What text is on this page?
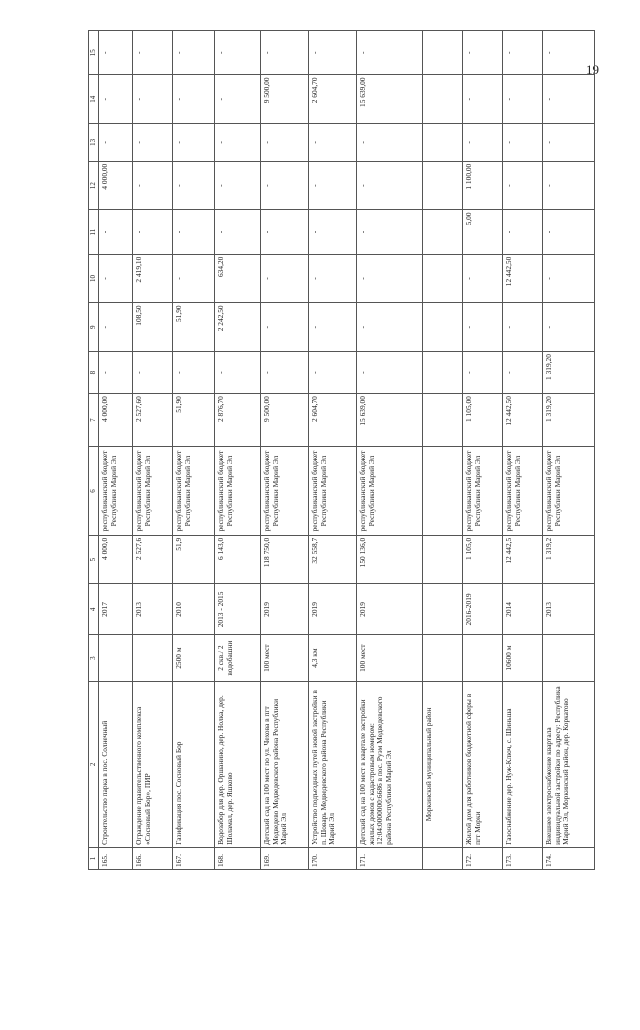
19
1	2	3	4	5	6	7	8	9	10	11	12	13	14	15
165.	Строительство парка в пос. Солнечный		2017	4 000,0	республиканский бюджет Республики Марий Эл	4 000,00	-	-	-	-	4 000,00	-	-	-
166.	Ограждение правительственного комплекса «Сосновый Бор», ПИР		2013	2 527,6	республиканский бюджет Республики Марий Эл	2 527,60	-	108,50	2 419,10	-	-	-	-	-
167.	Газификация пос. Сосновый Бор	2500 м	2010	51,9	республиканский бюджет Республики Марий Эл	51,90	-	51,90	-	-	-	-	-	-
168.	Водозабор для дер. Оршанино, дер. Нолка, дер. Шоламал, дер. Яшково	2 скв./ 2 водобашни	2013 - 2015	6 143,0	республиканский бюджет Республики Марий Эл	2 876,70	-	2 242,50	634,20	-	-	-	-	-
169.	Детский сад на 100 мест по ул. Чехова в пгт Медведево Медведевского района Республики Марий Эл	100 мест	2019	118 750,0	республиканский бюджет Республики Марий Эл	9 500,00	-	-	-	-	-	-	9 500,00	-
170.	Устройство подъездных путей новой застройки в п. Шоварь Медведевского района Республики Марий Эл	4,3 км	2019	32 558,7	республиканский бюджет Республики Марий Эл	2 604,70	-	-	-	-	-	-	2 604,70	-
171.	Детский сад на 100 мест в квартале застройки жилых домов с кадастровым номером: 12:04:0000000:6686 в пос. Руэм Медведевского района Республики Марий Эл	100 мест	2019	150 136,0	республиканский бюджет Республики Марий Эл	15 639,00	-	-	-	-	-	-	15 639,00	-
	Моркинский муниципальный район													
172.	Жилой дом для работников бюджетной сферы в пгт Морки		2016-2019	1 105,0	республиканский бюджет Республики Марий Эл	1 105,00	-	-	-	5,00	1 100,00	-	-	-
173.	Газоснабжение дер. Нуж-Ключ, с. Шиньша	10600 м	2014	12 442,5	республиканский бюджет Республики Марий Эл	12 442,50	-	-	12 442,50	-	-	-	-	-
174.	Внешнее электроснабжение квартала индивидуальной застройки по адресу: Республика Марий Эл, Моркинский район, дер. Коркатово		2013	1 319,2	республиканский бюджет Республики Марий Эл	1 319,20	1 319,20	-	-	-	-	-	-	-
